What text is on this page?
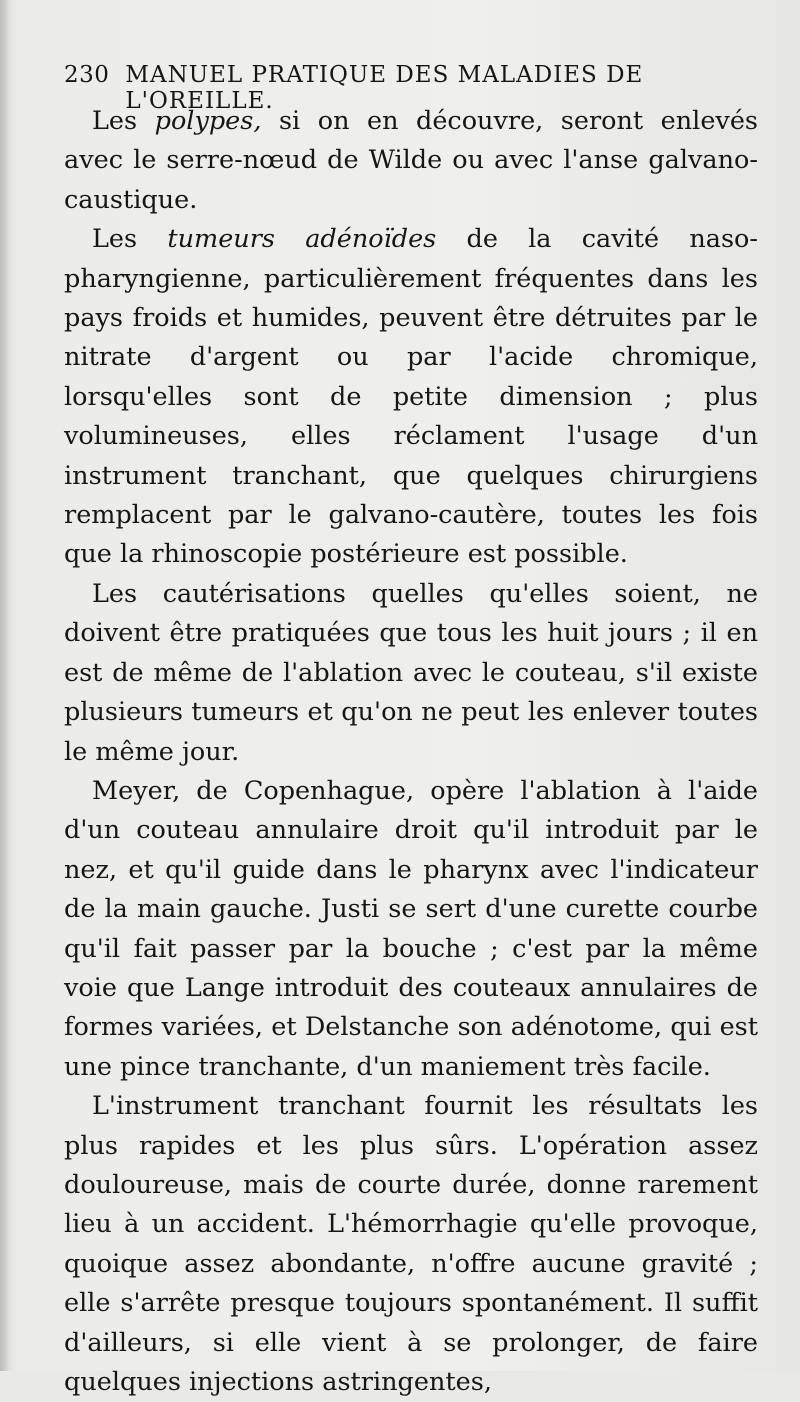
230 MANUEL PRATIQUE DES MALADIES DE L'OREILLE.

Les polypes, si on en découvre, seront enlevés avec le serre-nœud de Wilde ou avec l'anse galvano-caustique.

Les tumeurs adénoïdes de la cavité naso-pharyngienne, particulièrement fréquentes dans les pays froids et humides, peuvent être détruites par le nitrate d'argent ou par l'acide chromique, lorsqu'elles sont de petite dimension ; plus volumineuses, elles réclament l'usage d'un instrument tranchant, que quelques chirurgiens remplacent par le galvano-cautère, toutes les fois que la rhinoscopie postérieure est possible.

Les cautérisations quelles qu'elles soient, ne doivent être pratiquées que tous les huit jours ; il en est de même de l'ablation avec le couteau, s'il existe plusieurs tumeurs et qu'on ne peut les enlever toutes le même jour.

Meyer, de Copenhague, opère l'ablation à l'aide d'un couteau annulaire droit qu'il introduit par le nez, et qu'il guide dans le pharynx avec l'indicateur de la main gauche. Justi se sert d'une curette courbe qu'il fait passer par la bouche ; c'est par la même voie que Lange introduit des couteaux annulaires de formes variées, et Delstanche son adénotome, qui est une pince tranchante, d'un maniement très facile.

L'instrument tranchant fournit les résultats les plus rapides et les plus sûrs. L'opération assez douloureuse, mais de courte durée, donne rarement lieu à un accident. L'hémorrhagie qu'elle provoque, quoique assez abondante, n'offre aucune gravité ; elle s'arrête presque toujours spontanément. Il suffit d'ailleurs, si elle vient à se prolonger, de faire quelques injections astringentes,
